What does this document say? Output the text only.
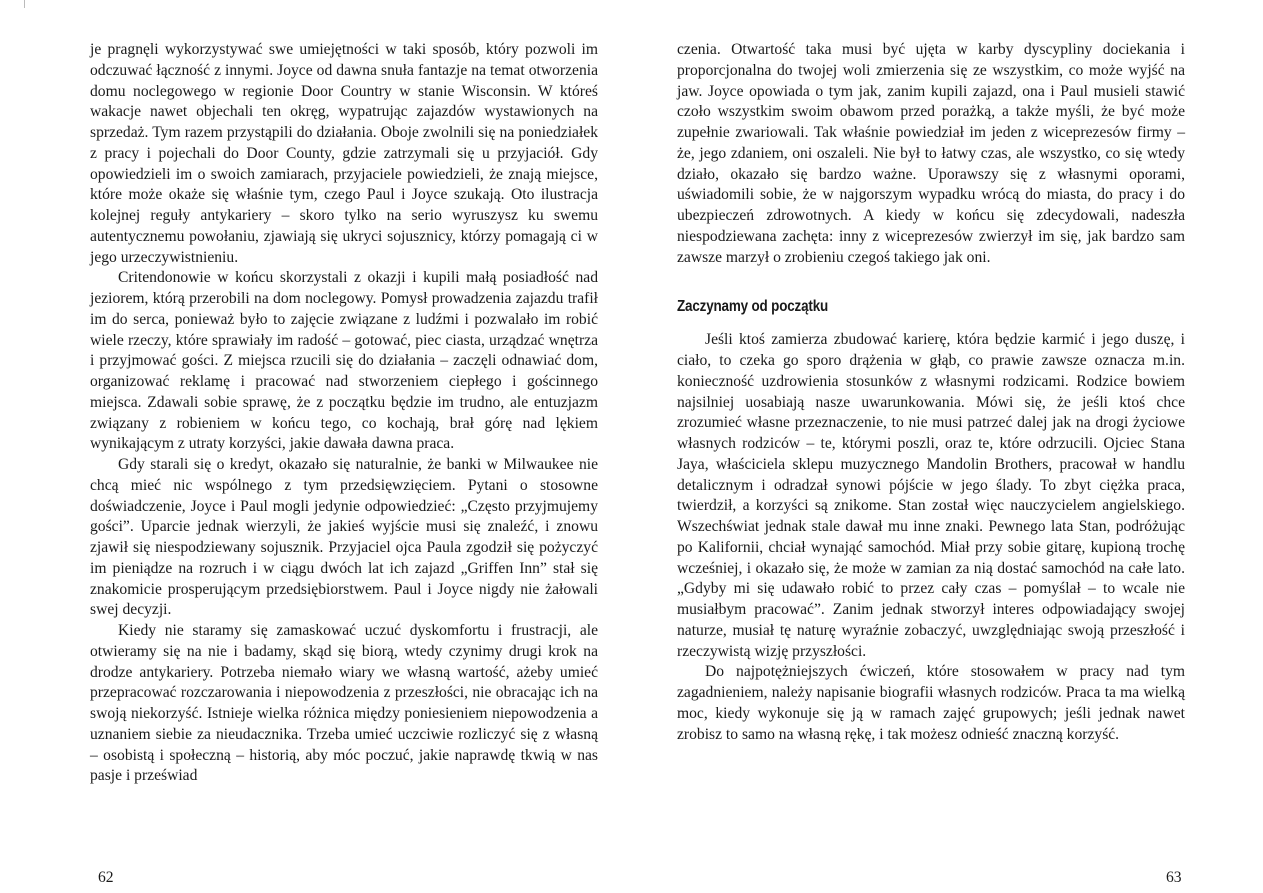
je pragnęli wykorzystywać swe umiejętności w taki sposób, który pozwoli im odczuwać łączność z innymi. Joyce od dawna snuła fantazje na temat otworzenia domu noclegowego w regionie Door Country w stanie Wisconsin. W któreś wakacje nawet objechali ten okręg, wypatrując zajazdów wystawionych na sprzedaż. Tym razem przystąpili do działania. Oboje zwolnili się na poniedziałek z pracy i pojechali do Door County, gdzie zatrzymali się u przyjaciół. Gdy opowiedzieli im o swoich zamiarach, przyjaciele powiedzieli, że znają miejsce, które może okaże się właśnie tym, czego Paul i Joyce szukają. Oto ilustracja kolejnej reguły antykariery – skoro tylko na serio wyruszysz ku swemu autentycznemu powołaniu, zjawiają się ukryci sojusznicy, którzy pomagają ci w jego urzeczywistnieniu.

Critendonowie w końcu skorzystali z okazji i kupili małą posiadłość nad jeziorem, którą przerobili na dom noclegowy. Pomysł prowadzenia zajazdu trafił im do serca, ponieważ było to zajęcie związane z ludźmi i pozwalało im robić wiele rzeczy, które sprawiały im radość – gotować, piec ciasta, urządzać wnętrza i przyjmować gości. Z miejsca rzucili się do działania – zaczęli odnawiać dom, organizować reklamę i pracować nad stworzeniem ciepłego i gościnnego miejsca. Zdawali sobie sprawę, że z początku będzie im trudno, ale entuzjazm związany z robieniem w końcu tego, co kochają, brał górę nad lękiem wynikającym z utraty korzyści, jakie dawała dawna praca.

Gdy starali się o kredyt, okazało się naturalnie, że banki w Milwaukee nie chcą mieć nic wspólnego z tym przedsięwzięciem. Pytani o stosowne doświadczenie, Joyce i Paul mogli jedynie odpowiedzieć: „Często przyjmujemy gości”. Uparcie jednak wierzyli, że jakieś wyjście musi się znaleźć, i znowu zjawił się niespodziewany sojusznik. Przyjaciel ojca Paula zgodził się pożyczyć im pieniądze na rozruch i w ciągu dwóch lat ich zajazd „Griffen Inn” stał się znakomicie prosperującym przedsiębiorstwem. Paul i Joyce nigdy nie żałowali swej decyzji.

Kiedy nie staramy się zamaskować uczuć dyskomfortu i frustracji, ale otwieramy się na nie i badamy, skąd się biorą, wtedy czynimy drugi krok na drodze antykariery. Potrzeba niemało wiary we własną wartość, ażeby umieć przepracować rozczarowania i niepowodzenia z przeszłości, nie obracając ich na swoją niekorzyść. Istnieje wielka różnica między poniesieniem niepowodzenia a uznaniem siebie za nieudacznika. Trzeba umieć uczciwie rozliczyć się z własną – osobistą i społeczną – historią, aby móc poczuć, jakie naprawdę tkwią w nas pasje i przeświad

62

czenia. Otwartość taka musi być ujęta w karby dyscypliny dociekania i proporcjonalna do twojej woli zmierzenia się ze wszystkim, co może wyjść na jaw. Joyce opowiada o tym jak, zanim kupili zajazd, ona i Paul musieli stawić czoło wszystkim swoim obawom przed porażką, a także myśli, że być może zupełnie zwariowali. Tak właśnie powiedział im jeden z wiceprezesów firmy – że, jego zdaniem, oni oszaleli. Nie był to łatwy czas, ale wszystko, co się wtedy działo, okazało się bardzo ważne. Uporawszy się z własnymi oporami, uświadomili sobie, że w najgorszym wypadku wrócą do miasta, do pracy i do ubezpieczeń zdrowotnych. A kiedy w końcu się zdecydowali, nadeszła niespodziewana zachęta: inny z wiceprezesów zwierzył im się, jak bardzo sam zawsze marzył o zrobieniu czegoś takiego jak oni.

Zaczynamy od początku

Jeśli ktoś zamierza zbudować karierę, która będzie karmić i jego duszę, i ciało, to czeka go sporo drążenia w głąb, co prawie zawsze oznacza m.in. konieczność uzdrowienia stosunków z własnymi rodzicami. Rodzice bowiem najsilniej uosabiają nasze uwarunkowania. Mówi się, że jeśli ktoś chce zrozumieć własne przeznaczenie, to nie musi patrzeć dalej jak na drogi życiowe własnych rodziców – te, którymi poszli, oraz te, które odrzucili. Ojciec Stana Jaya, właściciela sklepu muzycznego Mandolin Brothers, pracował w handlu detalicznym i odradzał synowi pójście w jego ślady. To zbyt ciężka praca, twierdził, a korzyści są znikome. Stan został więc nauczycielem angielskiego. Wszechświat jednak stale dawał mu inne znaki. Pewnego lata Stan, podróżując po Kalifornii, chciał wynająć samochód. Miał przy sobie gitarę, kupioną trochę wcześniej, i okazało się, że może w zamian za nią dostać samochód na całe lato. „Gdyby mi się udawało robić to przez cały czas – pomyślał – to wcale nie musiałbym pracować”. Zanim jednak stworzył interes odpowiadający swojej naturze, musiał tę naturę wyraźnie zobaczyć, uwzględniając swoją przeszłość i rzeczywistą wizję przyszłości.

Do najpotężniejszych ćwiczeń, które stosowałem w pracy nad tym zagadnieniem, należy napisanie biografii własnych rodziców. Praca ta ma wielką moc, kiedy wykonuje się ją w ramach zajęć grupowych; jeśli jednak nawet zrobisz to samo na własną rękę, i tak możesz odnieść znaczną korzyść.

63
